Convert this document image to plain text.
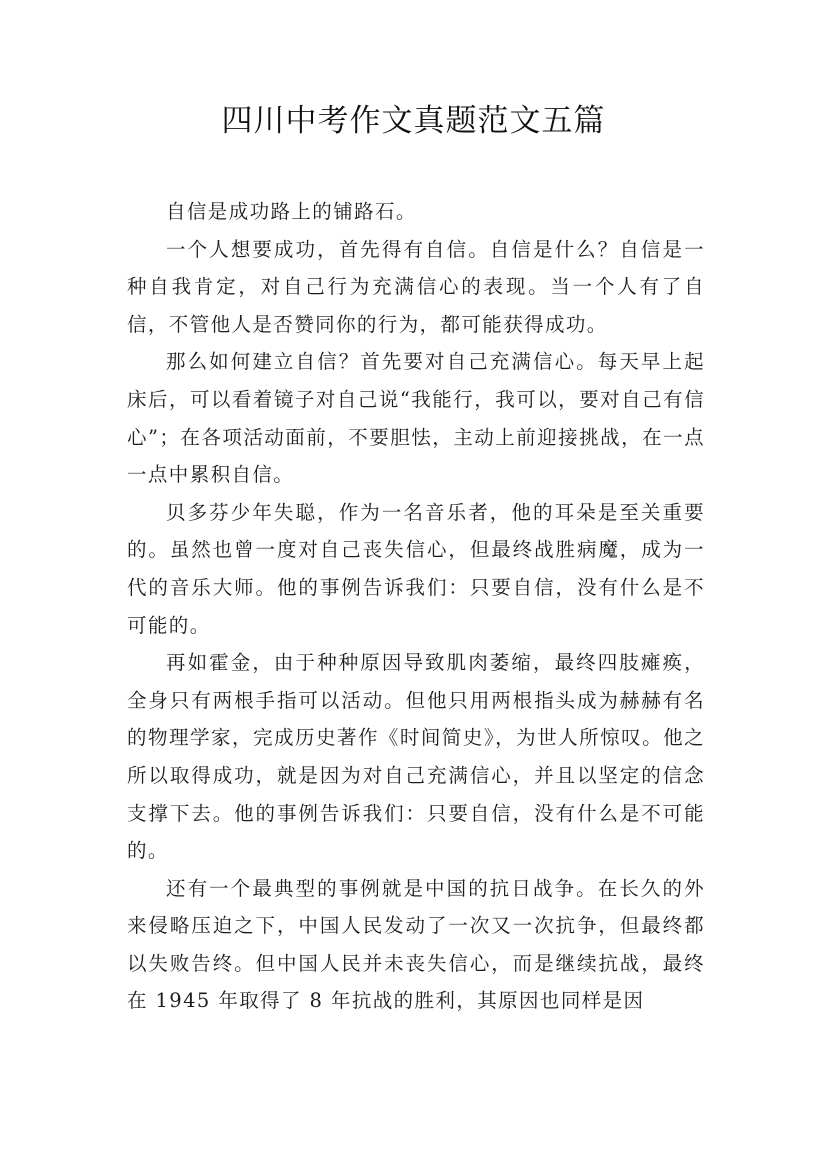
四川中考作文真题范文五篇

自信是成功路上的铺路石。

一个人想要成功，首先得有自信。自信是什么？自信是一种自我肯定，对自己行为充满信心的表现。当一个人有了自信，不管他人是否赞同你的行为，都可能获得成功。

那么如何建立自信？首先要对自己充满信心。每天早上起床后，可以看着镜子对自己说“我能行，我可以，要对自己有信心”；在各项活动面前，不要胆怯，主动上前迎接挑战，在一点一点中累积自信。

贝多芬少年失聪，作为一名音乐者，他的耳朵是至关重要的。虽然也曾一度对自己丧失信心，但最终战胜病魔，成为一代的音乐大师。他的事例告诉我们：只要自信，没有什么是不可能的。

再如霍金，由于种种原因导致肌肉萎缩，最终四肢瘫痪，全身只有两根手指可以活动。但他只用两根指头成为赫赫有名的物理学家，完成历史著作《时间简史》，为世人所惊叹。他之所以取得成功，就是因为对自己充满信心，并且以坚定的信念支撑下去。他的事例告诉我们：只要自信，没有什么是不可能的。

还有一个最典型的事例就是中国的抗日战争。在长久的外来侵略压迫之下，中国人民发动了一次又一次抗争，但最终都以失败告终。但中国人民并未丧失信心，而是继续抗战，最终在 1945 年取得了 8 年抗战的胜利，其原因也同样是因
